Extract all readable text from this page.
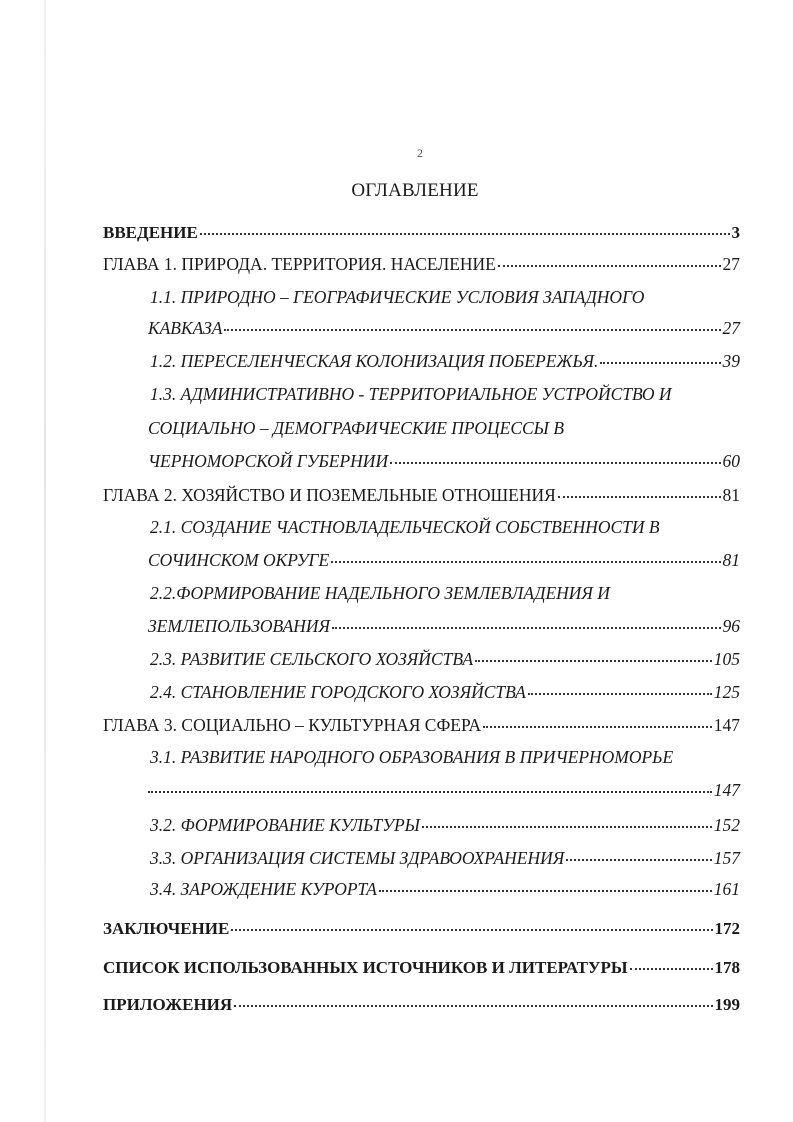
2
ОГЛАВЛЕНИЕ
ВВЕДЕНИЕ	3
ГЛАВА 1. ПРИРОДА. ТЕРРИТОРИЯ. НАСЕЛЕНИЕ	27
1.1. ПРИРОДНО – ГЕОГРАФИЧЕСКИЕ УСЛОВИЯ ЗАПАДНОГО
КАВКАЗА	27
1.2. ПЕРЕСЕЛЕНЧЕСКАЯ КОЛОНИЗАЦИЯ ПОБЕРЕЖЬЯ.	39
1.3. АДМИНИСТРАТИВНО - ТЕРРИТОРИАЛЬНОЕ УСТРОЙСТВО И
СОЦИАЛЬНО – ДЕМОГРАФИЧЕСКИЕ ПРОЦЕССЫ В
ЧЕРНОМОРСКОЙ ГУБЕРНИИ	60
ГЛАВА 2. ХОЗЯЙСТВО И ПОЗЕМЕЛЬНЫЕ ОТНОШЕНИЯ	81
2.1. СОЗДАНИЕ ЧАСТНОВЛАДЕЛЬЧЕСКОЙ СОБСТВЕННОСТИ В
СОЧИНСКОМ ОКРУГЕ	81
2.2.ФОРМИРОВАНИЕ НАДЕЛЬНОГО ЗЕМЛЕВЛАДЕНИЯ И
ЗЕМЛЕПОЛЬЗОВАНИЯ	96
2.3. РАЗВИТИЕ СЕЛЬСКОГО ХОЗЯЙСТВА	105
2.4. СТАНОВЛЕНИЕ ГОРОДСКОГО ХОЗЯЙСТВА	125
ГЛАВА 3. СОЦИАЛЬНО – КУЛЬТУРНАЯ СФЕРА	147
3.1. РАЗВИТИЕ НАРОДНОГО ОБРАЗОВАНИЯ В ПРИЧЕРНОМОРЬЕ
147
3.2. ФОРМИРОВАНИЕ КУЛЬТУРЫ	152
3.3. ОРГАНИЗАЦИЯ СИСТЕМЫ ЗДРАВООХРАНЕНИЯ	157
3.4. ЗАРОЖДЕНИЕ КУРОРТА	161
ЗАКЛЮЧЕНИЕ	172
СПИСОК ИСПОЛЬЗОВАННЫХ ИСТОЧНИКОВ И ЛИТЕРАТУРЫ	178
ПРИЛОЖЕНИЯ	199
